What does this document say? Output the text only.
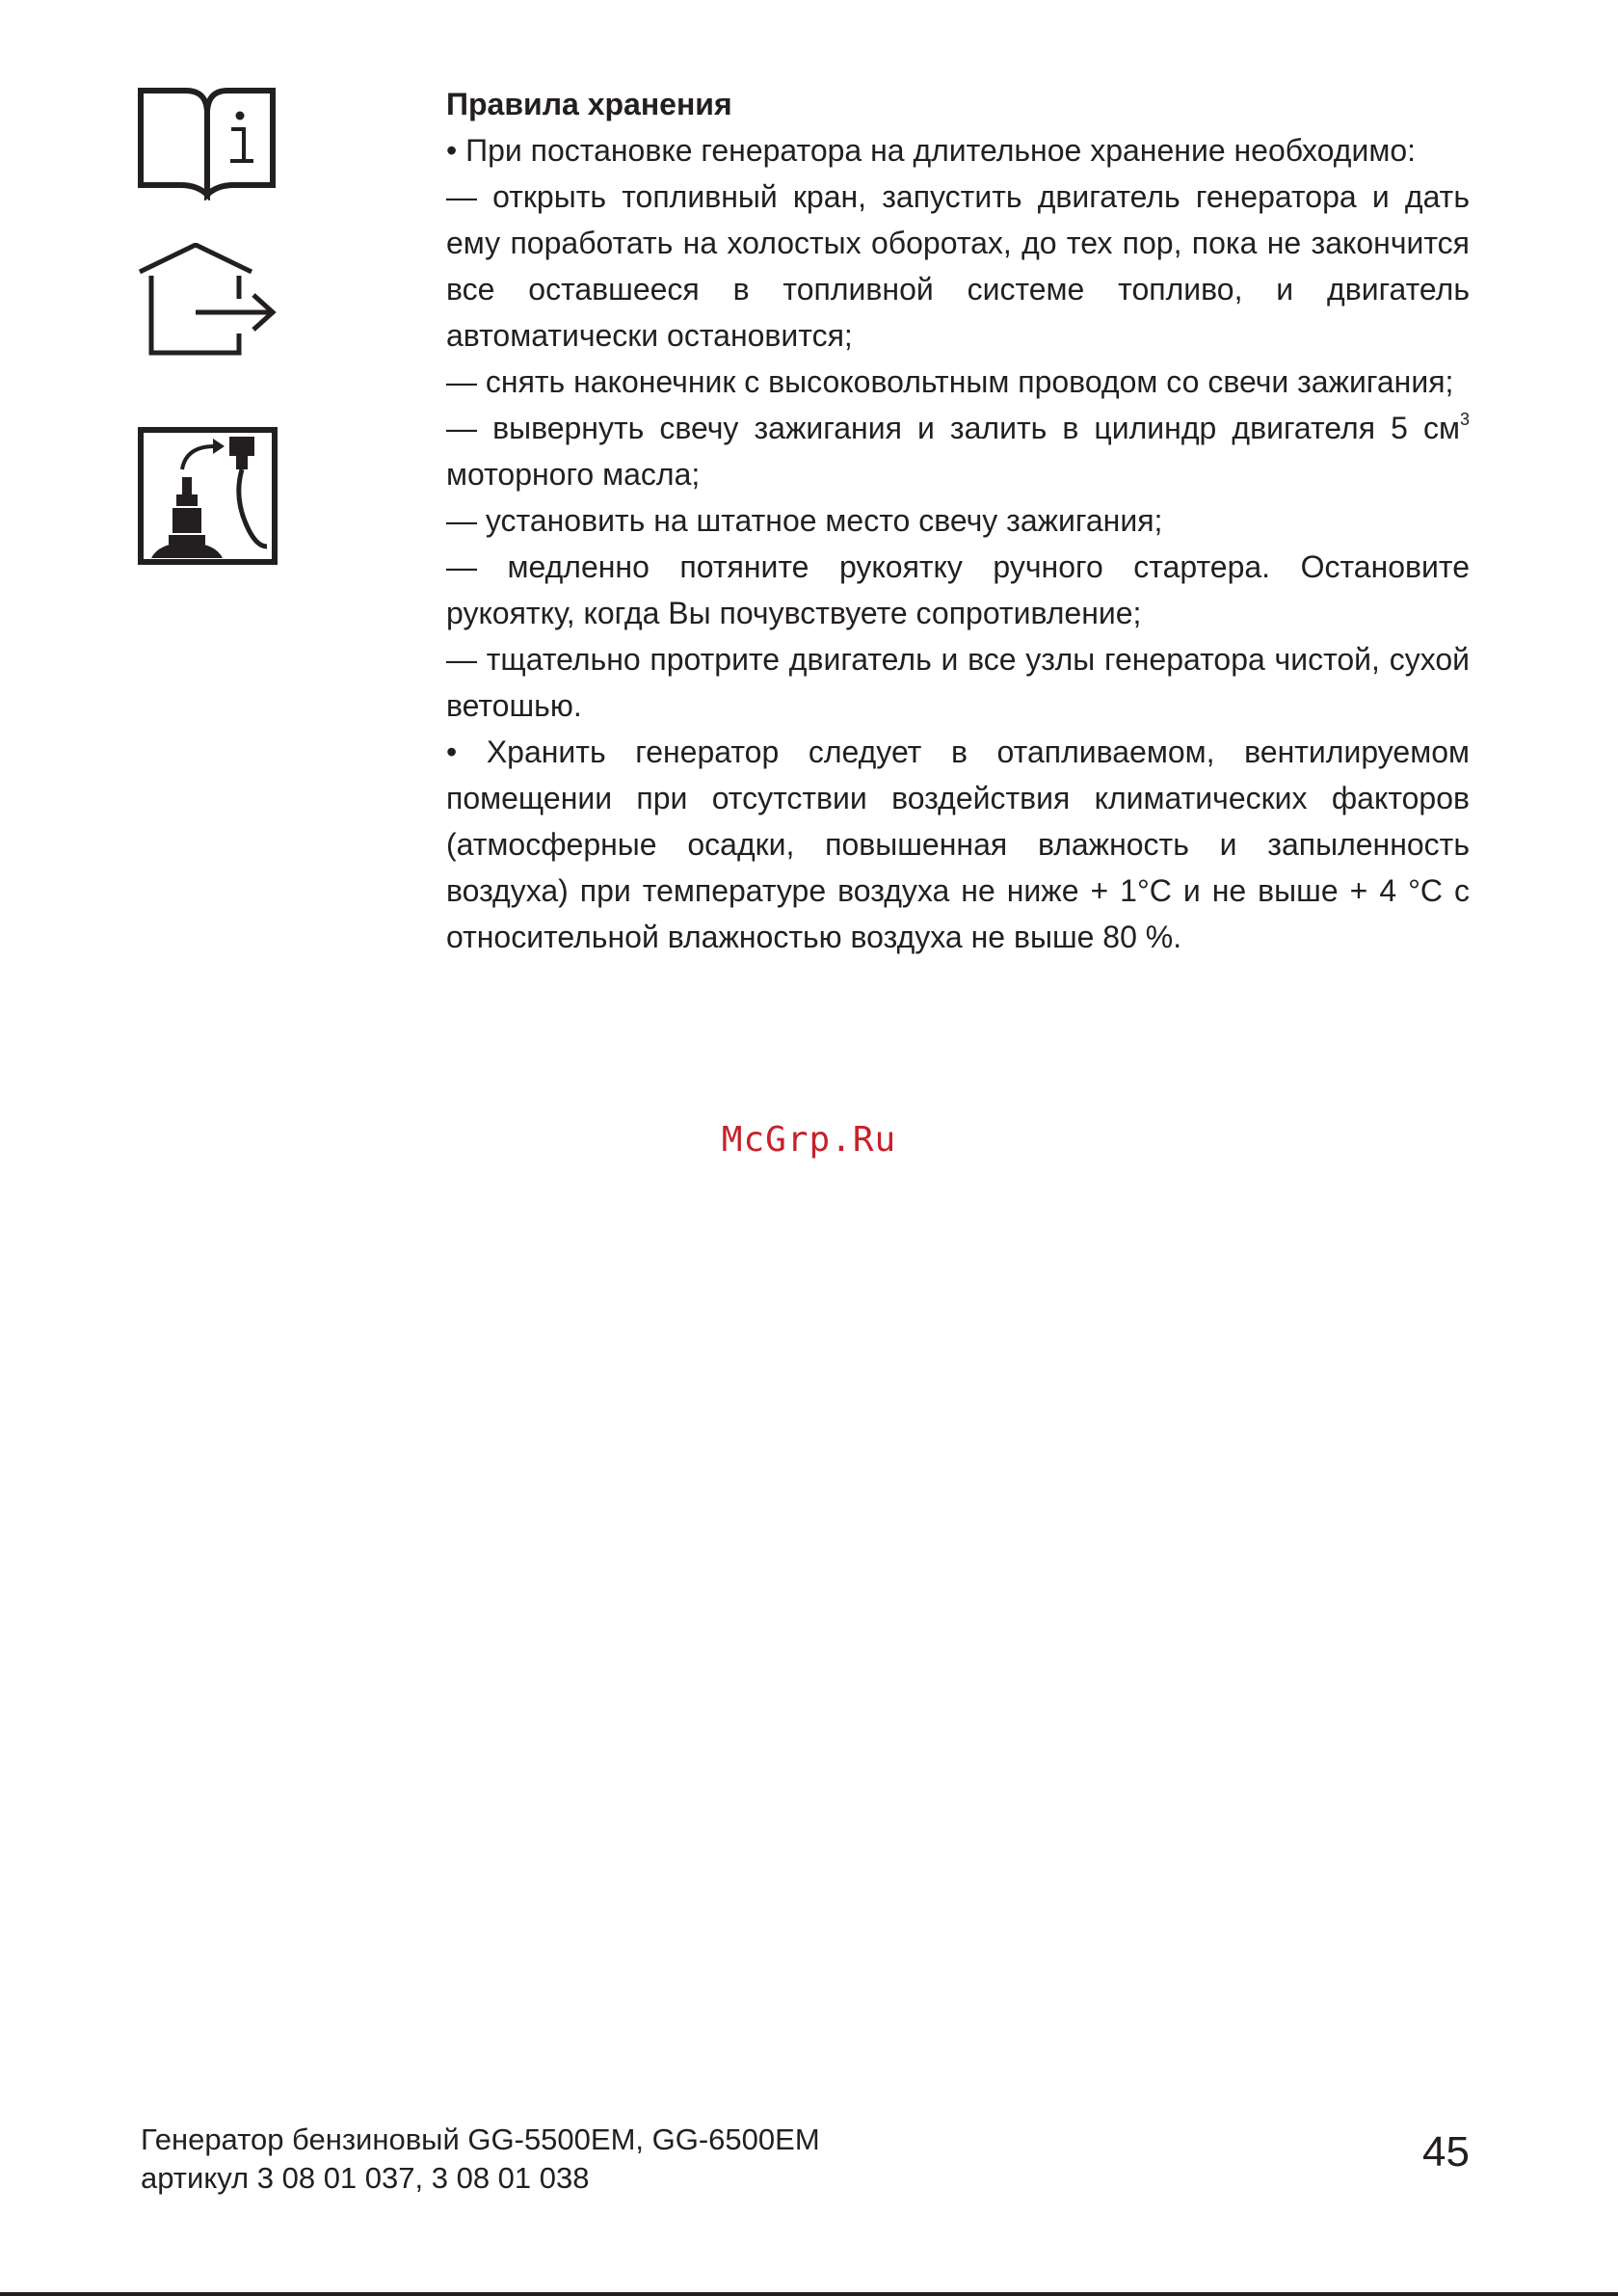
Правила хранения

• При постановке генератора на длительное хранение необходимо:

— открыть топливный кран, запустить двигатель генератора и дать ему поработать на холостых оборотах, до тех пор, пока не закончится все оставшееся в топливной системе топливо, и двигатель автоматически остановится;

— снять наконечник с высоковольтным проводом со свечи зажигания;

— вывернуть свечу зажигания и залить в цилиндр двигателя 5 $см^3$ моторного масла;

— установить на штатное место свечу зажигания;

— медленно потяните рукоятку ручного стартера. Остановите рукоятку, когда Вы почувствуете сопротивление;

— тщательно протрите двигатель и все узлы генератора чистой, сухой ветошью.

• Хранить генератор следует в отапливаемом, вентилируемом помещении при отсутствии воздействия климатических факторов (атмосферные осадки, повышенная влажность и запыленность воздуха) при температуре воздуха не ниже + 1°С и не выше + 4 °С с относительной влажностью воздуха не выше 80 %.

McGrp.Ru
Генератор бензиновый GG-5500EM, GG-6500EM
артикул 3 08 01 037, 3 08 01 038
45
